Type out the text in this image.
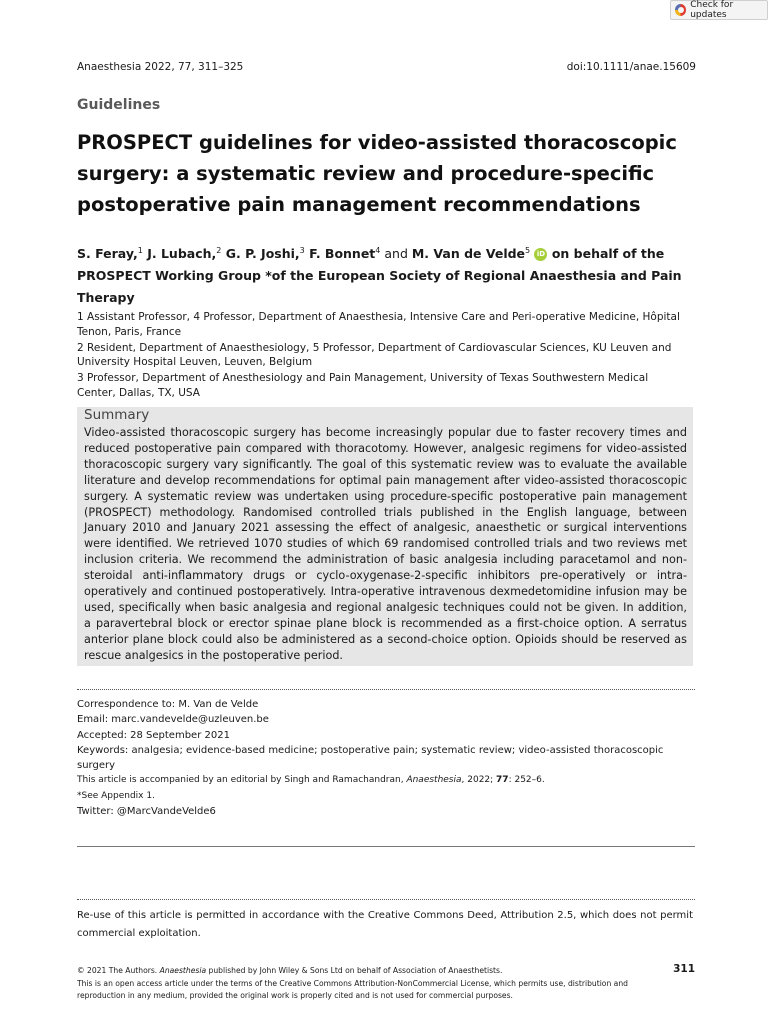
Check for updates
Anaesthesia 2022, 77, 311–325	doi:10.1111/anae.15609
Guidelines
PROSPECT guidelines for video-assisted thoracoscopic surgery: a systematic review and procedure-specific postoperative pain management recommendations
S. Feray,$^1$ J. Lubach,$^2$ G. P. Joshi,$^3$ F. Bonnet$^4$ and M. Van de Velde$^5$ iD on behalf of the PROSPECT Working Group *of the European Society of Regional Anaesthesia and Pain Therapy

1 Assistant Professor, 4 Professor, Department of Anaesthesia, Intensive Care and Peri-operative Medicine, Hôpital Tenon, Paris, France

2 Resident, Department of Anaesthesiology, 5 Professor, Department of Cardiovascular Sciences, KU Leuven and University Hospital Leuven, Leuven, Belgium

3 Professor, Department of Anesthesiology and Pain Management, University of Texas Southwestern Medical Center, Dallas, TX, USA

Summary
Video-assisted thoracoscopic surgery has become increasingly popular due to faster recovery times and reduced postoperative pain compared with thoracotomy. However, analgesic regimens for video-assisted thoracoscopic surgery vary significantly. The goal of this systematic review was to evaluate the available literature and develop recommendations for optimal pain management after video-assisted thoracoscopic surgery. A systematic review was undertaken using procedure-specific postoperative pain management (PROSPECT) methodology. Randomised controlled trials published in the English language, between January 2010 and January 2021 assessing the effect of analgesic, anaesthetic or surgical interventions were identified. We retrieved 1070 studies of which 69 randomised controlled trials and two reviews met inclusion criteria. We recommend the administration of basic analgesia including paracetamol and non-steroidal anti-inflammatory drugs or cyclo-oxygenase-2-specific inhibitors pre-operatively or intra-operatively and continued postoperatively. Intra-operative intravenous dexmedetomidine infusion may be used, specifically when basic analgesia and regional analgesic techniques could not be given. In addition, a paravertebral block or erector spinae plane block is recommended as a first-choice option. A serratus anterior plane block could also be administered as a second-choice option. Opioids should be reserved as rescue analgesics in the postoperative period.
Correspondence to: M. Van de Velde
Email: marc.vandevelde@uzleuven.be
Accepted: 28 September 2021
Keywords: analgesia; evidence-based medicine; postoperative pain; systematic review; video-assisted thoracoscopic
surgery
This article is accompanied by an editorial by Singh and Ramachandran, Anaesthesia, 2022; 77: 252–6.
*See Appendix 1.
Twitter: @MarcVandeVelde6
Re-use of this article is permitted in accordance with the Creative Commons Deed, Attribution 2.5, which does not permit commercial exploitation.
© 2021 The Authors. Anaesthesia published by John Wiley & Sons Ltd on behalf of Association of Anaesthetists.
This is an open access article under the terms of the Creative Commons Attribution-NonCommercial License, which permits use, distribution and reproduction in any medium, provided the original work is properly cited and is not used for commercial purposes.
311
